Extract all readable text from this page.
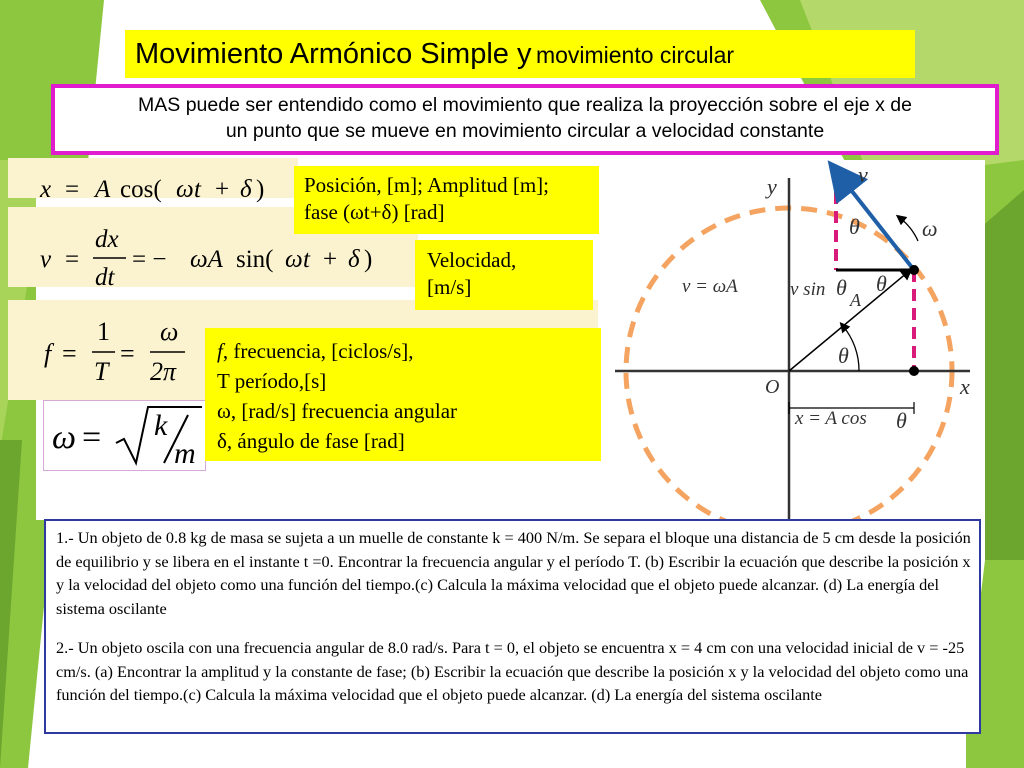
Movimiento Armónico Simple y movimiento circular
MAS puede ser entendido como el movimiento que realiza la proyección sobre el eje x de
un punto que se mueve en movimiento circular a velocidad constante
x = A cos( ω t + δ )
v =
dx
dt
= − ωA sin( ω t + δ )
f =
1
T
=
ω
2π
ω = k
m
Posición, [m]; Amplitud [m];
fase (ωt+δ) [rad]
Velocidad,
[m/s]
f, frecuencia, [ciclos/s],
T período,[s]
ω, [rad/s] frecuencia angular
δ, ángulo de fase [rad]
y
x
O
v
θ	ω
θ
v = ωA	v sin θ A
θ
x = A cos θ
1.- Un objeto de 0.8 kg de masa se sujeta a un muelle de constante k = 400 N/m. Se separa el bloque una distancia de 5 cm desde la posición de equilibrio y se libera en el instante t =0. Encontrar la frecuencia angular y el período T. (b) Escribir la ecuación que describe la posición x y la velocidad del objeto como una función del tiempo.(c) Calcula la máxima velocidad que el objeto puede alcanzar. (d) La energía del sistema oscilante
2.- Un objeto oscila con una frecuencia angular de 8.0 rad/s. Para t = 0, el objeto se encuentra x = 4 cm con una velocidad inicial de v = -25 cm/s. (a) Encontrar la amplitud y la constante de fase; (b) Escribir la ecuación que describe la posición x y la velocidad del objeto como una función del tiempo.(c) Calcula la máxima velocidad que el objeto puede alcanzar. (d) La energía del sistema oscilante
